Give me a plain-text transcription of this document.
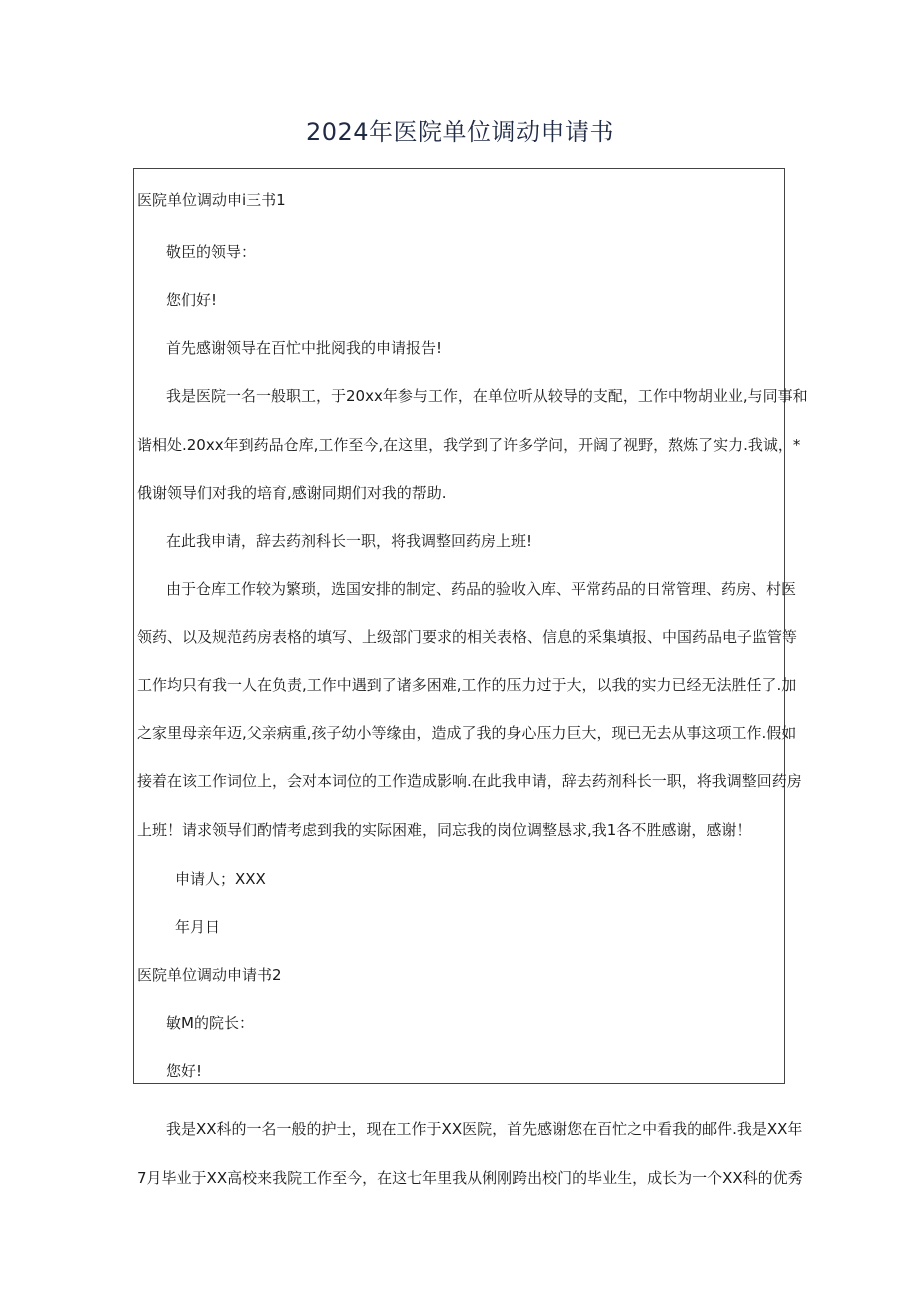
2024年医院单位调动申请书
医院单位调动申i三书1
敬臣的领导：
您们好!
首先感谢领导在百忙中批阅我的申请报告!
我是医院一名一般职工，于20xx年参与工作，在单位听从较导的支配，工作中物胡业业,与同事和
谐相处.20xx年到药品仓库,工作至今,在这里，我学到了许多学问，开阔了视野，熬炼了实力.我诚，*
俄谢领导们对我的培育,感谢同期们对我的帮助.
在此我申请，辞去药剂科长一职，将我调整回药房上班!
由于仓库工作较为繁琐，选国安排的制定、药品的验收入库、平常药品的日常管理、药房、村医
领药、以及规范药房表格的填写、上级部门要求的相关表格、信息的采集填报、中国药品电子监管等
工作均只有我一人在负责,工作中遇到了诸多困难,工作的压力过于大，以我的实力已经无法胜任了.加
之家里母亲年迈,父亲病重,孩子幼小等缘由，造成了我的身心压力巨大，现已无去从事这项工作.假如
接着在该工作词位上，会对本词位的工作造成影响.在此我申请，辞去药剂科长一职，将我调整回药房
上班！请求领导们酌情考虑到我的实际困难，同忘我的岗位调整恳求,我1各不胜感谢，感谢！
申请人；XXX
年月日
医院单位调动申请书2
敏M的院长：
您好!
我是XX科的一名一般的护士，现在工作于XX医院，首先感谢您在百忙之中看我的邮件.我是XX年
7月毕业于XX高校来我院工作至今，在这七年里我从俐刚跨出校门的毕业生，成长为一个XX科的优秀
